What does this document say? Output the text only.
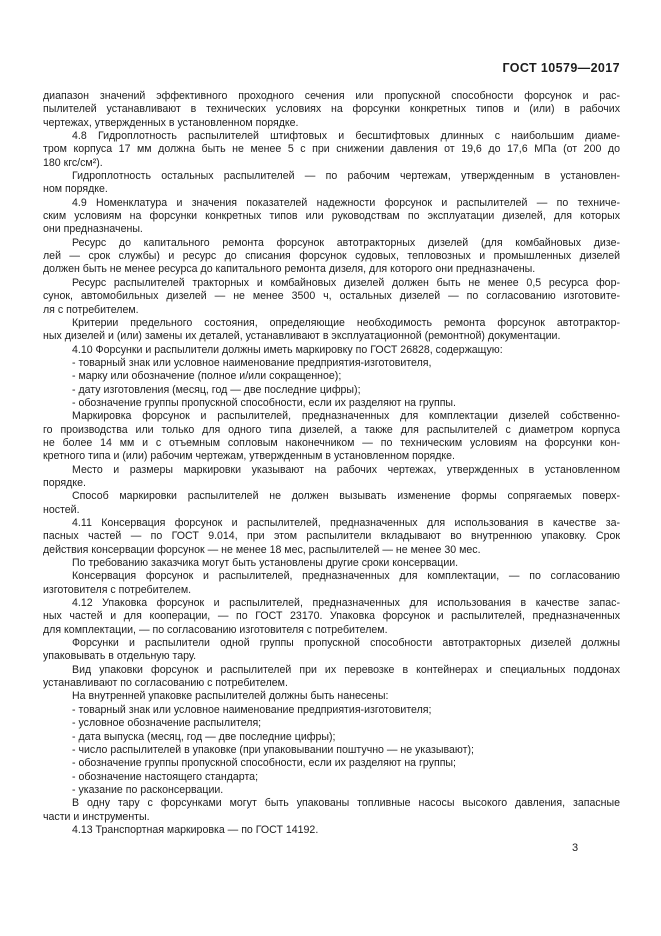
ГОСТ 10579—2017
диапазон значений эффективного проходного сечения или пропускной способности форсунок и рас-
пылителей устанавливают в технических условиях на форсунки конкретных типов и (или) в рабочих
чертежах, утвержденных в установленном порядке.
4.8 Гидроплотность распылителей штифтовых и бесштифтовых длинных с наибольшим диаме-
тром корпуса 17 мм должна быть не менее 5 с при снижении давления от 19,6 до 17,6 МПа (от 200 до
180 кгс/см²).
Гидроплотность остальных распылителей — по рабочим чертежам, утвержденным в установлен-
ном порядке.
4.9 Номенклатура и значения показателей надежности форсунок и распылителей — по техниче-
ским условиям на форсунки конкретных типов или руководствам по эксплуатации дизелей, для которых
они предназначены.
Ресурс до капитального ремонта форсунок автотракторных дизелей (для комбайновых дизе-
лей — срок службы) и ресурс до списания форсунок судовых, тепловозных и промышленных дизелей
должен быть не менее ресурса до капитального ремонта дизеля, для которого они предназначены.
Ресурс распылителей тракторных и комбайновых дизелей должен быть не менее 0,5 ресурса фор-
сунок, автомобильных дизелей — не менее 3500 ч, остальных дизелей — по согласованию изготовите-
ля с потребителем.
Критерии предельного состояния, определяющие необходимость ремонта форсунок автотрактор-
ных дизелей и (или) замены их деталей, устанавливают в эксплуатационной (ремонтной) документации.
4.10 Форсунки и распылители должны иметь маркировку по ГОСТ 26828, содержащую:
- товарный знак или условное наименование предприятия-изготовителя,
- марку или обозначение (полное и/или сокращенное);
- дату изготовления (месяц, год — две последние цифры);
- обозначение группы пропускной способности, если их разделяют на группы.
Маркировка форсунок и распылителей, предназначенных для комплектации дизелей собственно-
го производства или только для одного типа дизелей, а также для распылителей с диаметром корпуса
не более 14 мм и с отъемным сопловым наконечником — по техническим условиям на форсунки кон-
кретного типа и (или) рабочим чертежам, утвержденным в установленном порядке.
Место и размеры маркировки указывают на рабочих чертежах, утвержденных в установленном
порядке.
Способ маркировки распылителей не должен вызывать изменение формы сопрягаемых поверх-
ностей.
4.11 Консервация форсунок и распылителей, предназначенных для использования в качестве за-
пасных частей — по ГОСТ 9.014, при этом распылители вкладывают во внутреннюю упаковку. Срок
действия консервации форсунок — не менее 18 мес, распылителей — не менее 30 мес.
По требованию заказчика могут быть установлены другие сроки консервации.
Консервация форсунок и распылителей, предназначенных для комплектации, — по согласованию
изготовителя с потребителем.
4.12 Упаковка форсунок и распылителей, предназначенных для использования в качестве запас-
ных частей и для кооперации, — по ГОСТ 23170. Упаковка форсунок и распылителей, предназначенных
для комплектации, — по согласованию изготовителя с потребителем.
Форсунки и распылители одной группы пропускной способности автотракторных дизелей должны
упаковывать в отдельную тару.
Вид упаковки форсунок и распылителей при их перевозке в контейнерах и специальных поддонах
устанавливают по согласованию с потребителем.
На внутренней упаковке распылителей должны быть нанесены:
- товарный знак или условное наименование предприятия-изготовителя;
- условное обозначение распылителя;
- дата выпуска (месяц, год — две последние цифры);
- число распылителей в упаковке (при упаковывании поштучно — не указывают);
- обозначение группы пропускной способности, если их разделяют на группы;
- обозначение настоящего стандарта;
- указание по расконсервации.
В одну тару с форсунками могут быть упакованы топливные насосы высокого давления, запасные
части и инструменты.
4.13 Транспортная маркировка — по ГОСТ 14192.
3
